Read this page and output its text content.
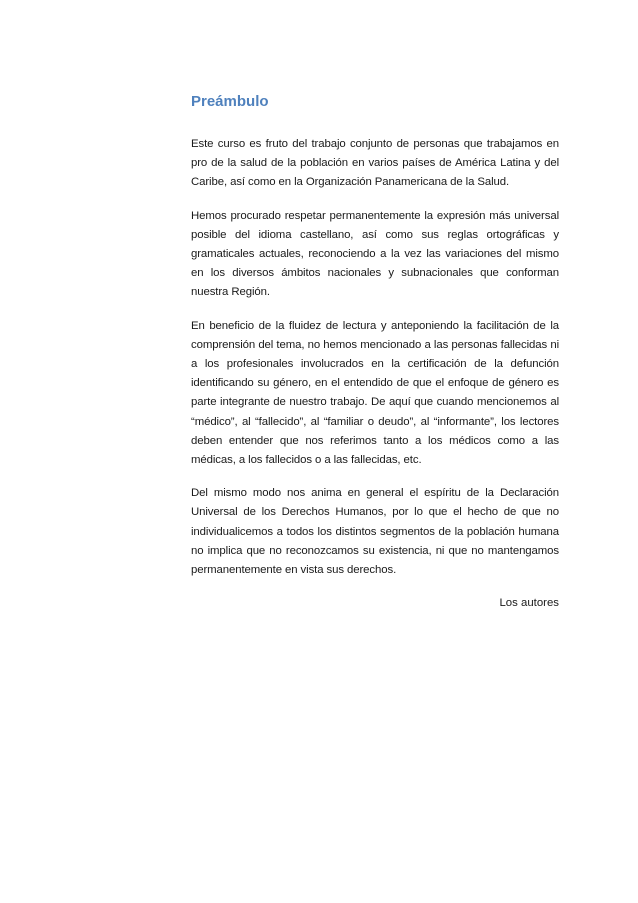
Preámbulo

Este curso es fruto del trabajo conjunto de personas que trabajamos en pro de la salud de la población en varios países de América Latina y del Caribe, así como en la Organización Panamericana de la Salud.

Hemos procurado respetar permanentemente la expresión más universal posible del idioma castellano, así como sus reglas ortográficas y gramaticales actuales, reconociendo a la vez las variaciones del mismo en los diversos ámbitos nacionales y subnacionales que conforman nuestra Región.

En beneficio de la fluidez de lectura y anteponiendo la facilitación de la comprensión del tema, no hemos mencionado a las personas fallecidas ni a los profesionales involucrados en la certificación de la defunción identificando su género, en el entendido de que el enfoque de género es parte integrante de nuestro trabajo. De aquí que cuando mencionemos al “médico”, al “fallecido”, al “familiar o deudo”, al “informante”, los lectores deben entender que nos referimos tanto a los médicos como a las médicas, a los fallecidos o a las fallecidas, etc.

Del mismo modo nos anima en general el espíritu de la Declaración Universal de los Derechos Humanos, por lo que el hecho de que no individualicemos a todos los distintos segmentos de la población humana no implica que no reconozcamos su existencia, ni que no mantengamos permanentemente en vista sus derechos.

Los autores
